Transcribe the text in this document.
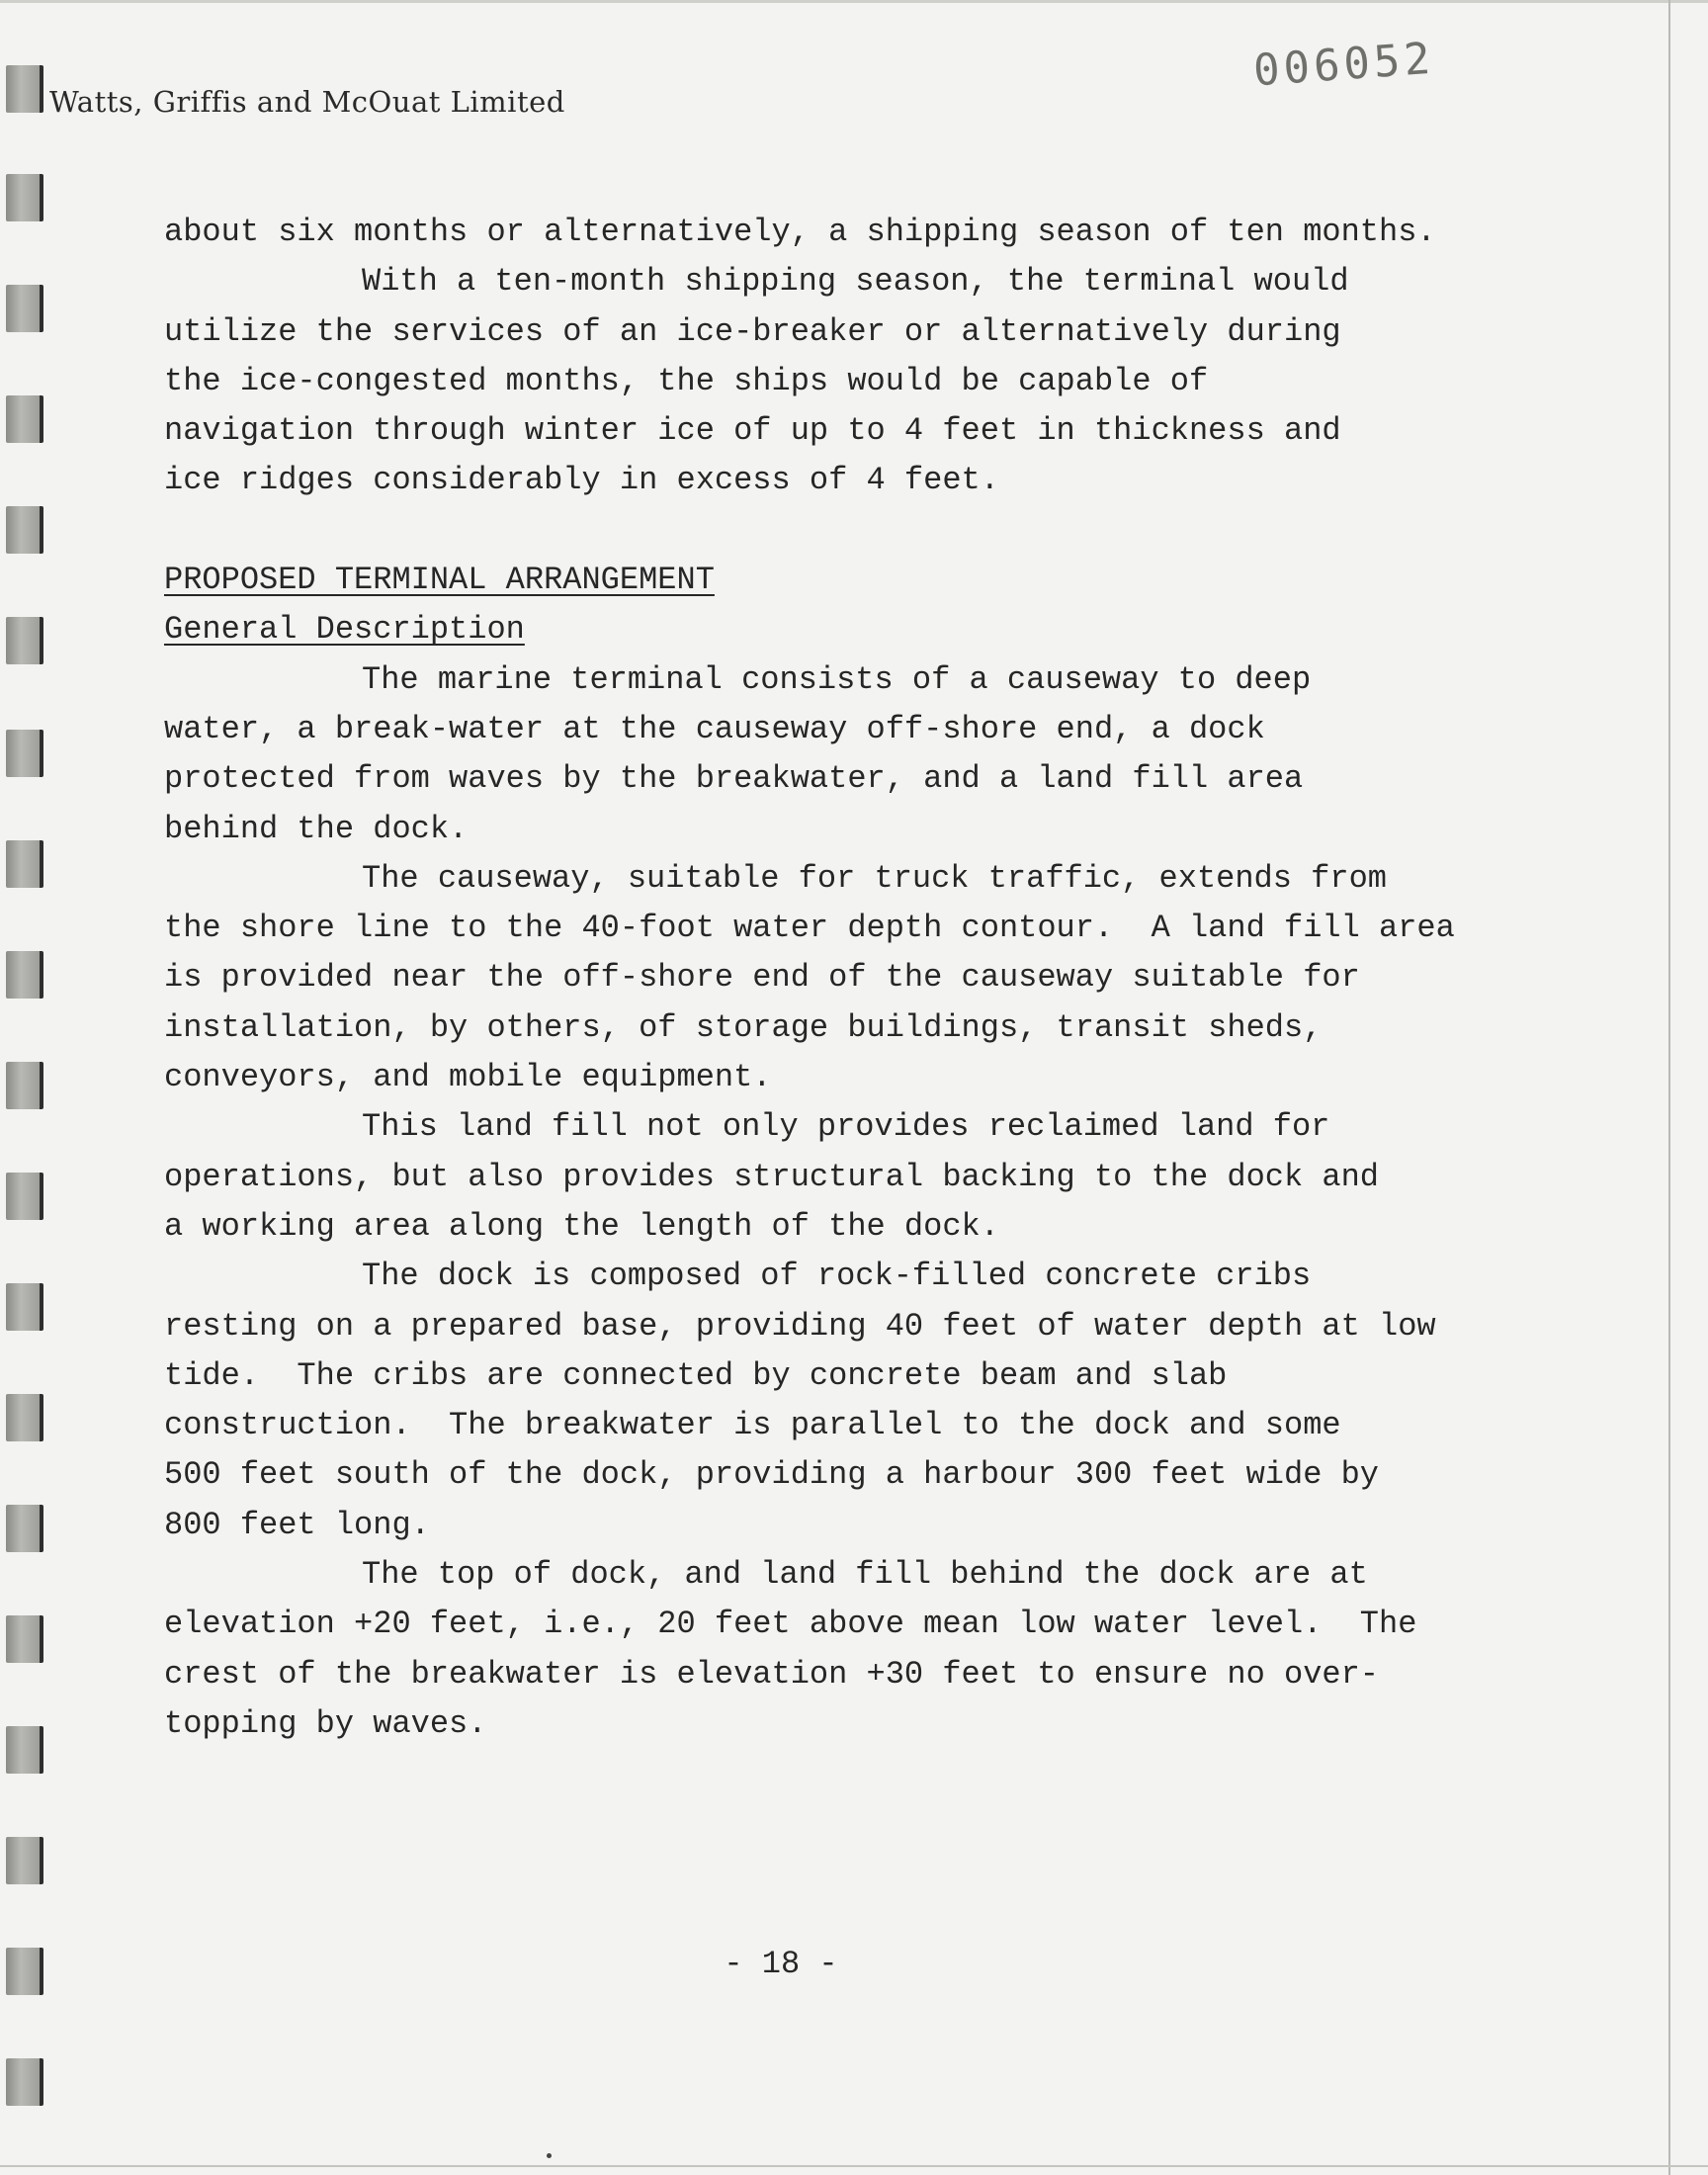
Watts, Griffis and McOuat Limited
006052
about six months or alternatively, a shipping season of ten months.
With a ten-month shipping season, the terminal would
utilize the services of an ice-breaker or alternatively during
the ice-congested months, the ships would be capable of
navigation through winter ice of up to 4 feet in thickness and
ice ridges considerably in excess of 4 feet.
PROPOSED TERMINAL ARRANGEMENT
General Description
The marine terminal consists of a causeway to deep
water, a break-water at the causeway off-shore end, a dock
protected from waves by the breakwater, and a land fill area
behind the dock.
The causeway, suitable for truck traffic, extends from
the shore line to the 40-foot water depth contour.  A land fill area
is provided near the off-shore end of the causeway suitable for
installation, by others, of storage buildings, transit sheds,
conveyors, and mobile equipment.
This land fill not only provides reclaimed land for
operations, but also provides structural backing to the dock and
a working area along the length of the dock.
The dock is composed of rock-filled concrete cribs
resting on a prepared base, providing 40 feet of water depth at low
tide.  The cribs are connected by concrete beam and slab
construction.  The breakwater is parallel to the dock and some
500 feet south of the dock, providing a harbour 300 feet wide by
800 feet long.
The top of dock, and land fill behind the dock are at
elevation +20 feet, i.e., 20 feet above mean low water level.  The
crest of the breakwater is elevation +30 feet to ensure no over-
topping by waves.
- 18 -
